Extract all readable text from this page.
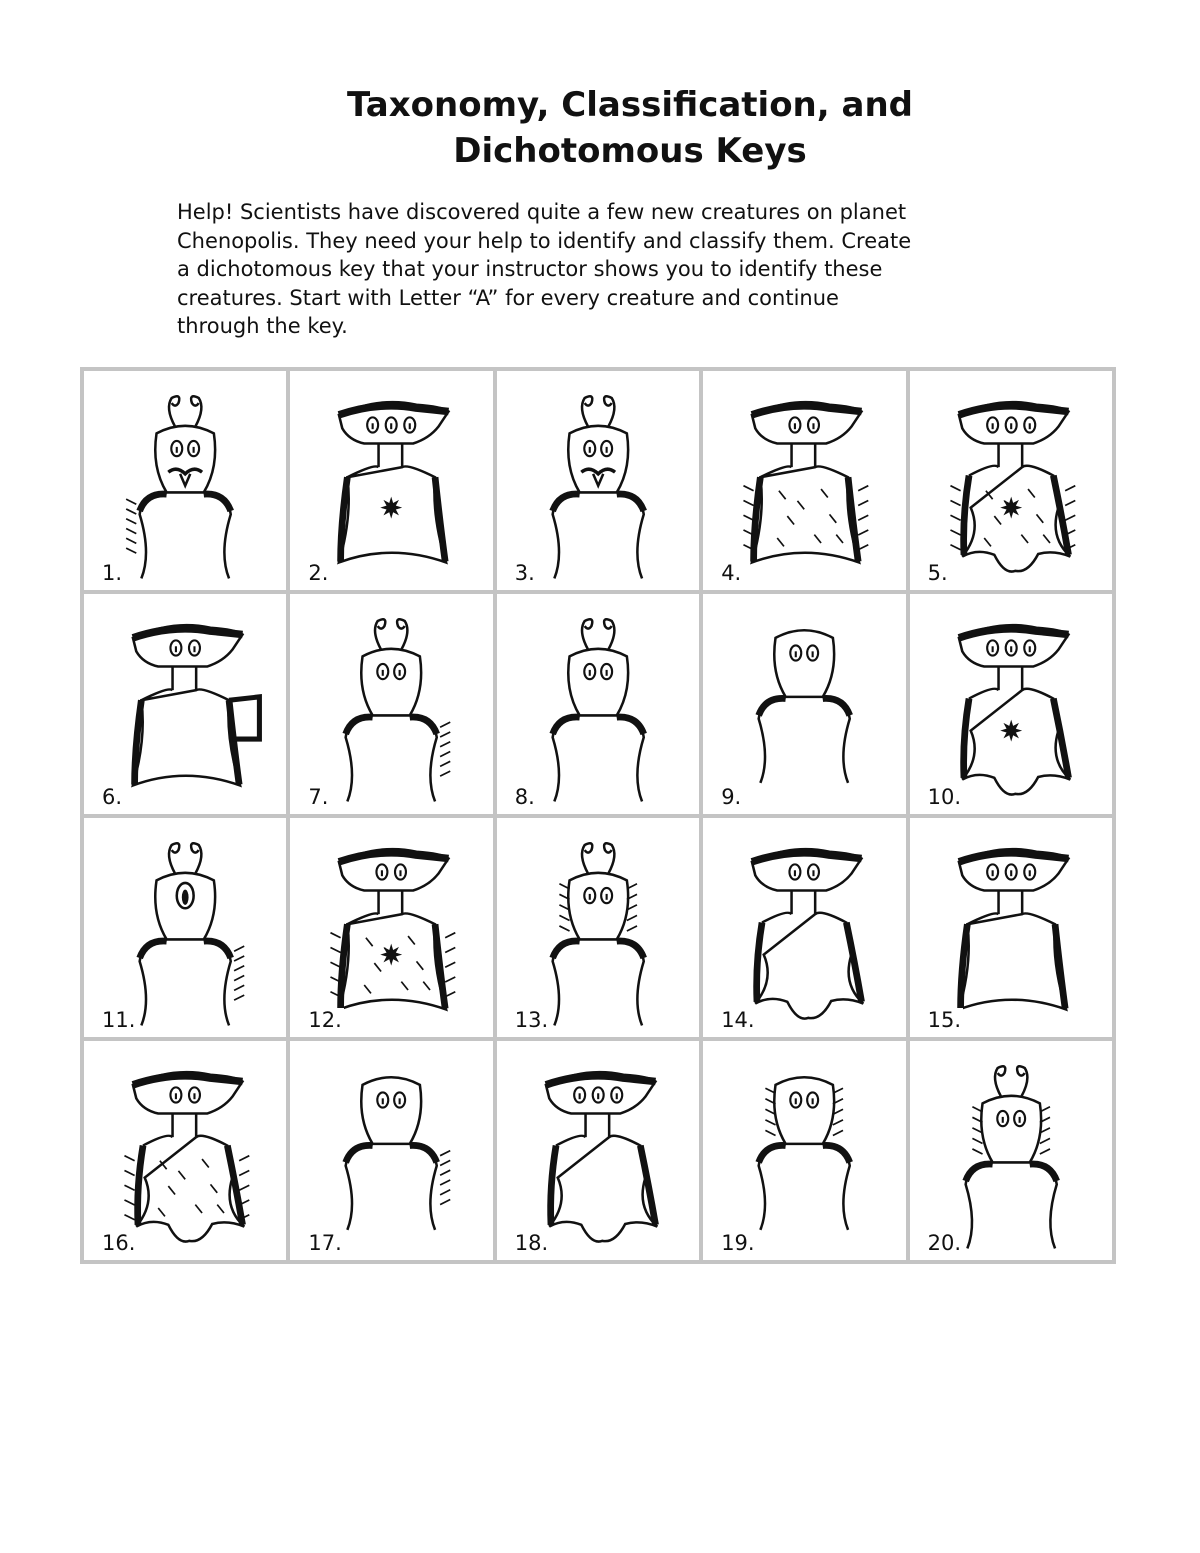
Taxonomy, Classification, and
Dichotomous Keys

Help! Scientists have discovered quite a few new creatures on planet
Chenopolis. They need your help to identify and classify them. Create
a dichotomous key that your instructor shows you to identify these
creatures. Start with Letter “A” for every creature and continue
through the key.

1.	2.	3.	4.	5.
6.	7.	8.	9.	10.
11.	12.	13.	14.	15.
16.	17.	18.	19.	20.
